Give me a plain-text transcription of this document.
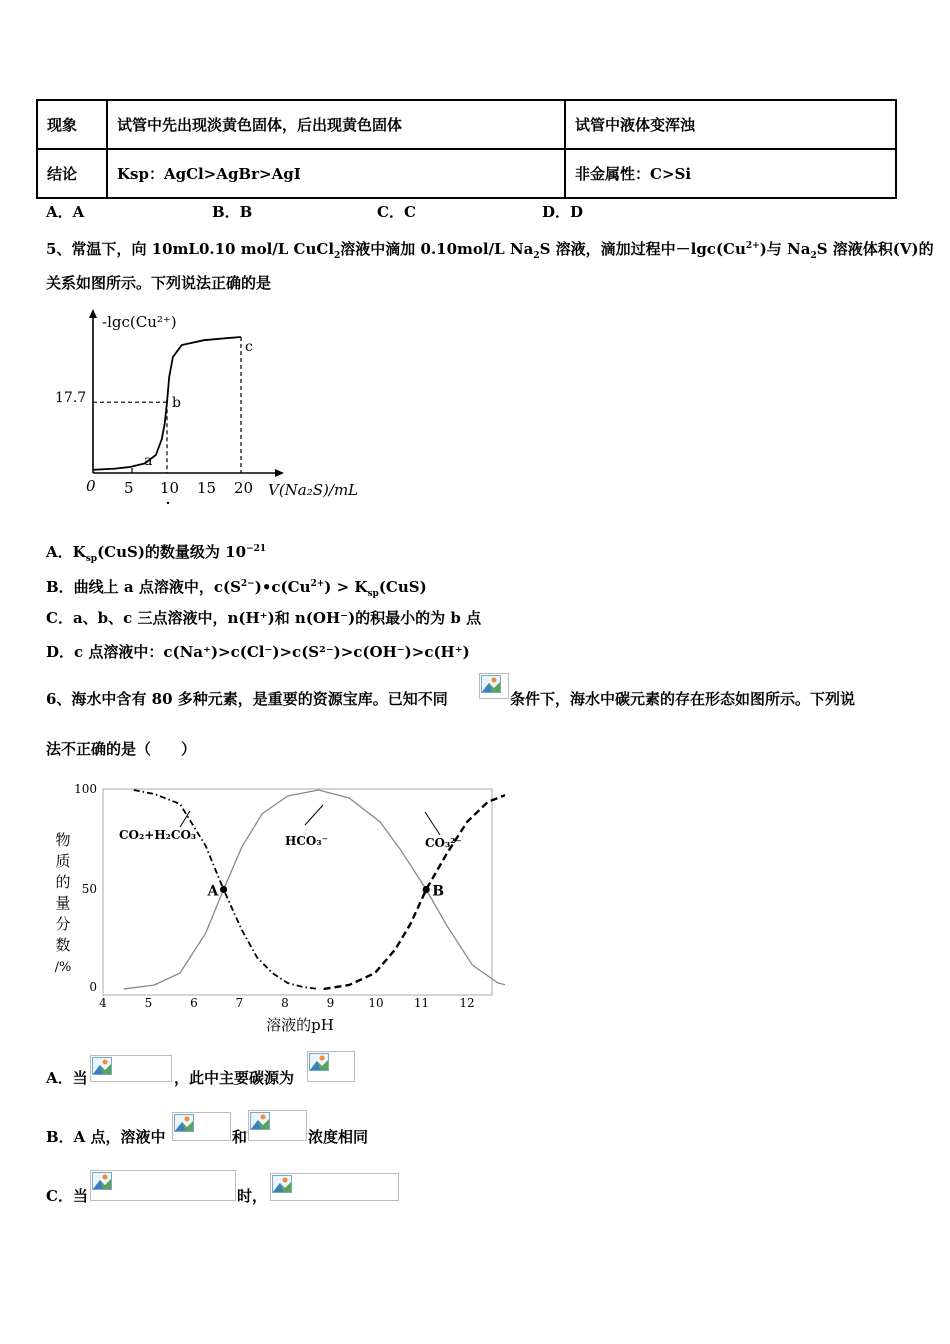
现象	试管中先出现淡黄色固体，后出现黄色固体	试管中液体变浑浊
结论	Ksp：AgCl>AgBr>AgI	非金属性：C>Si
A．A	B．B	C．C	D．D
5、常温下，向 10mL0.10 mol/L CuCl$_2$溶液中滴加 0.10mol/L $Na_2S$ 溶液，滴加过程中$-\lg c(Cu^{2+})$与 $Na_2S$ 溶液体积(V)的
关系如图所示。下列说法正确的是
-lgc(Cu²⁺)
V(Na₂S)/mL
17.7
0 5 10 15 20
a
b
c
A．$K_{sp}(CuS)$的数量级为 $10^{-21}$
B．曲线上 a 点溶液中，$c(S^{2-})•c(Cu^{2+}) > K_{sp}(CuS)$
C．a、b、c 三点溶液中，n(H⁺)和 n(OH⁻)的积最小的为 b 点
D．c 点溶液中：c(Na⁺)>c(Cl⁻)>c(S²⁻)>c(OH⁻)>c(H⁺)
6、海水中含有 80 多种元素，是重要的资源宝库。已知不同	条件下，海水中碳元素的存在形态如图所示。下列说
法不正确的是（　　）
100
50
0
4	5	6	7	8	9	10	11	12
物
质
的
量
分
数
/%
溶液的pH
A	B
CO₂+H₂CO₃	HCO₃⁻	CO₃²⁻
A．当	，此中主要碳源为
B．A 点，溶液中	和	浓度相同
C．当	时，
